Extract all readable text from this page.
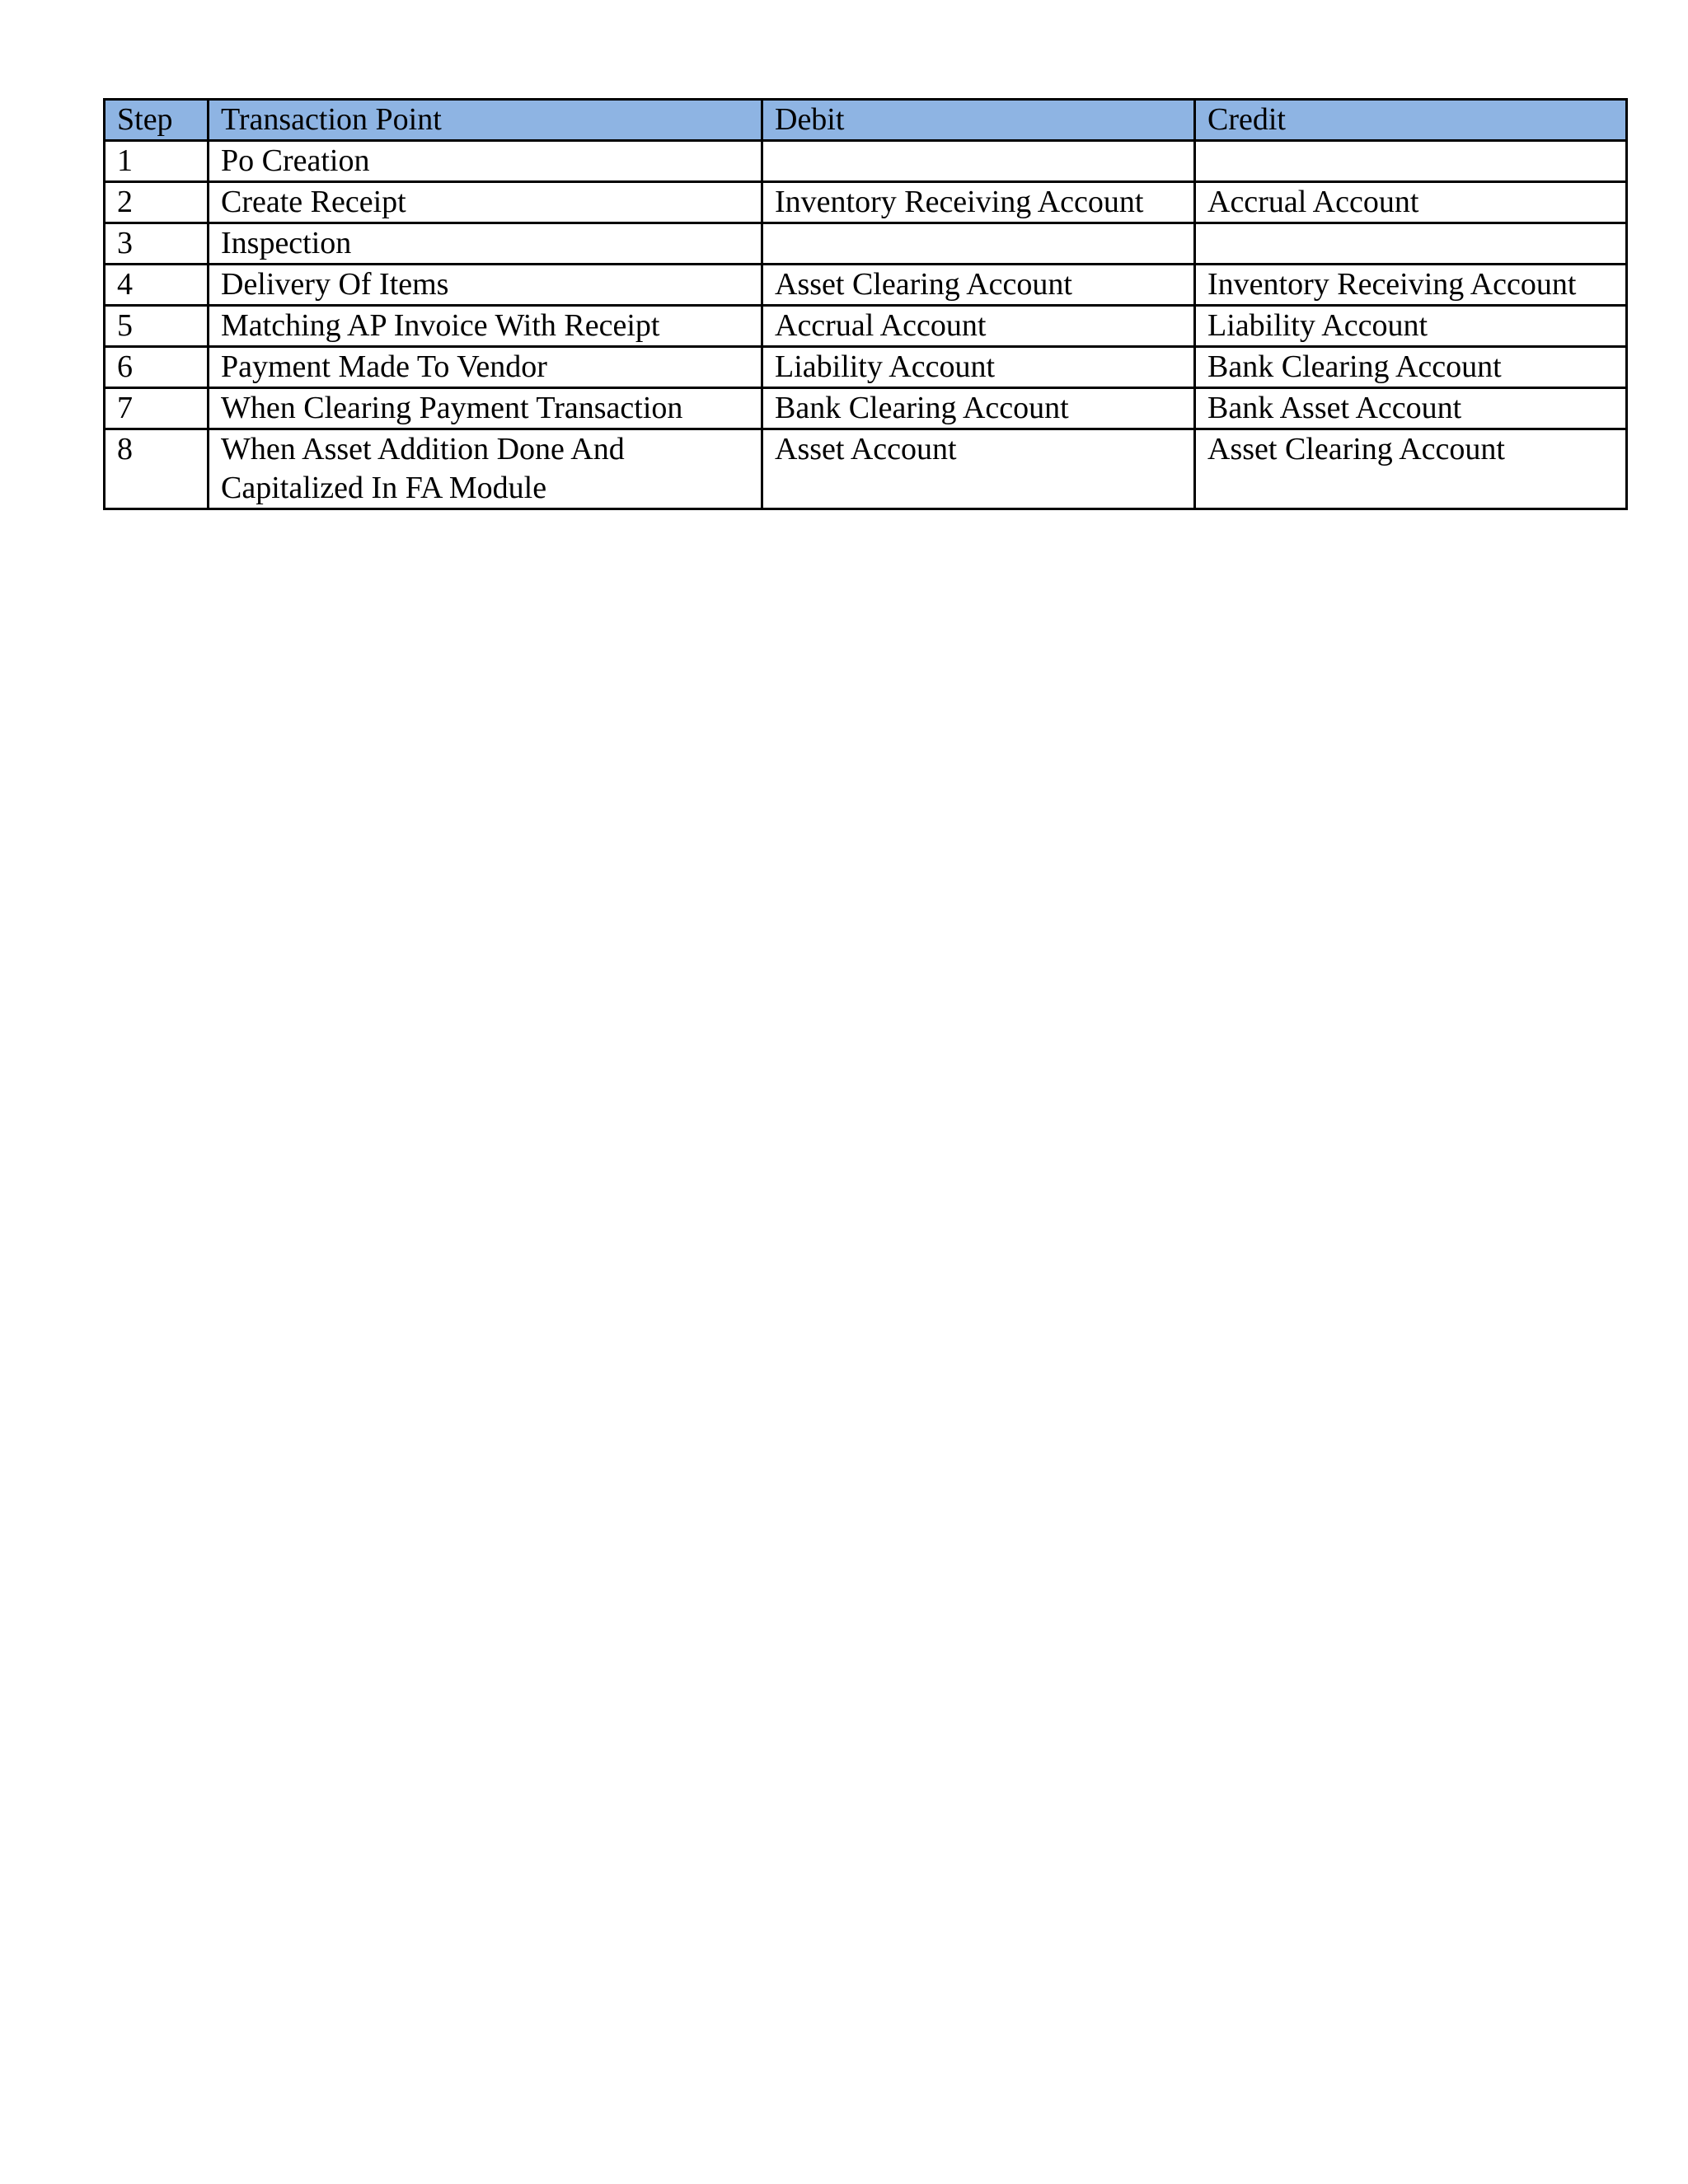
Step	Transaction Point	Debit	Credit
1	Po Creation		
2	Create Receipt	Inventory Receiving Account	Accrual Account
3	Inspection		
4	Delivery Of Items	Asset Clearing Account	Inventory Receiving Account
5	Matching AP Invoice With Receipt	Accrual Account	Liability Account
6	Payment Made To Vendor	Liability Account	Bank Clearing Account
7	When Clearing Payment Transaction	Bank Clearing Account	Bank Asset Account
8	When Asset Addition Done And
Capitalized In FA Module	Asset Account	Asset Clearing Account
